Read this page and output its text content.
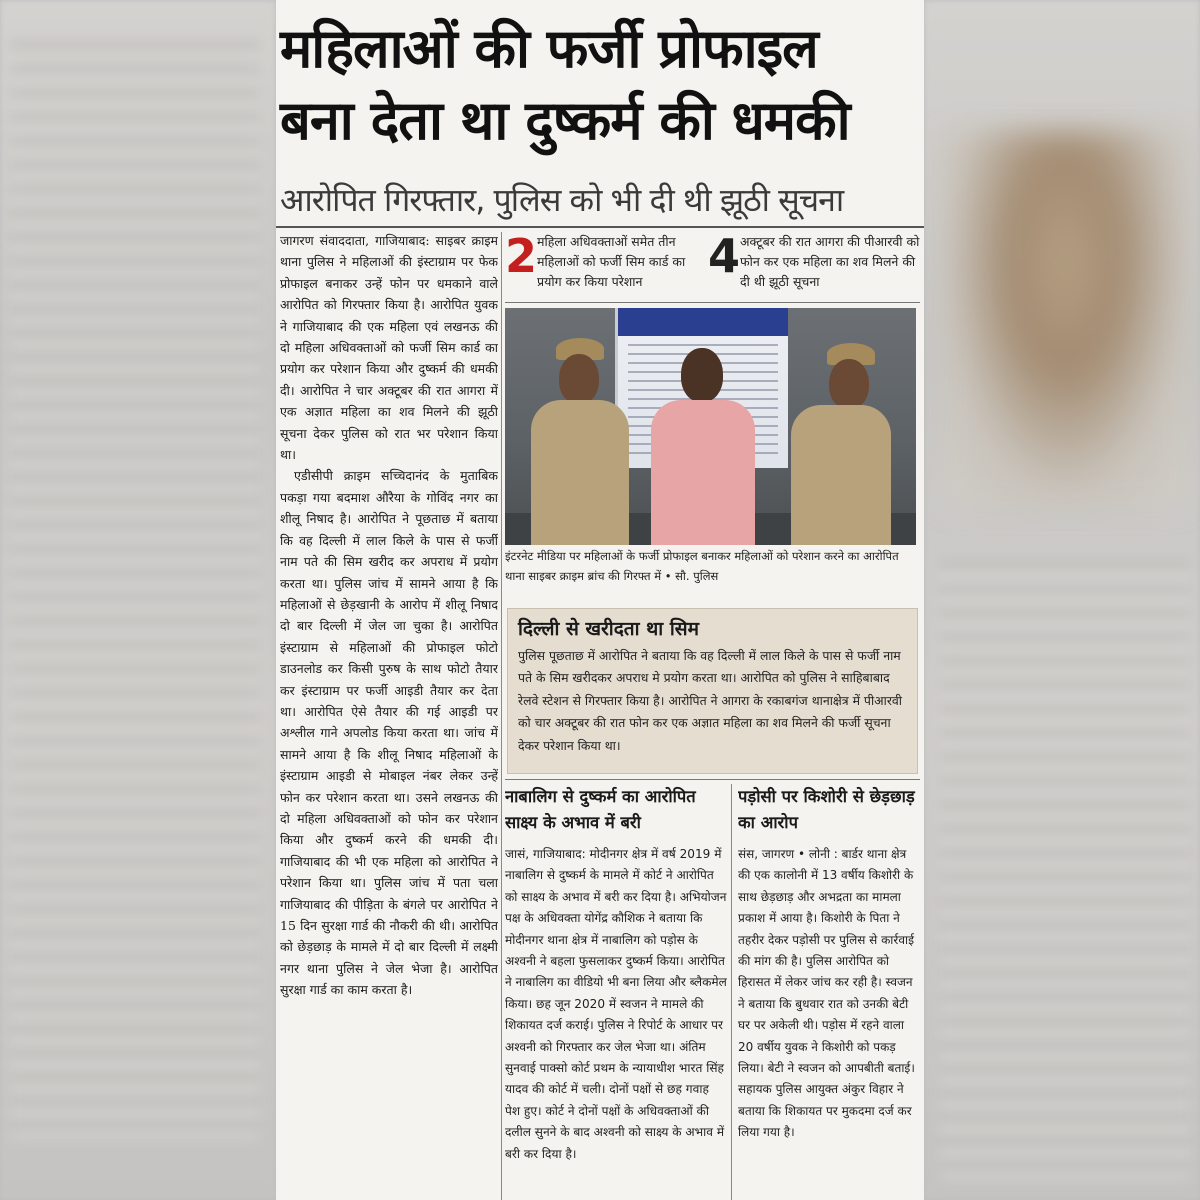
महिलाओं की फर्जी प्रोफाइल
बना देता था दुष्कर्म की धमकी
आरोपित गिरफ्तार, पुलिस को भी दी थी झूठी सूचना

जागरण संवाददाता, गाजियाबाद: साइबर क्राइम थाना पुलिस ने महिलाओं की इंस्टाग्राम पर फेक प्रोफाइल बनाकर उन्हें फोन पर धमकाने वाले आरोपित को गिरफ्तार किया है। आरोपित युवक ने गाजियाबाद की एक महिला एवं लखनऊ की दो महिला अधिवक्ताओं को फर्जी सिम कार्ड का प्रयोग कर परेशान किया और दुष्कर्म की धमकी दी। आरोपित ने चार अक्टूबर की रात आगरा में एक अज्ञात महिला का शव मिलने की झूठी सूचना देकर पुलिस को रात भर परेशान किया था।

एडीसीपी क्राइम सच्चिदानंद के मुताबिक पकड़ा गया बदमाश औरैया के गोविंद नगर का शीलू निषाद है। आरोपित ने पूछताछ में बताया कि वह दिल्ली में लाल किले के पास से फर्जी नाम पते की सिम खरीद कर अपराध में प्रयोग करता था। पुलिस जांच में सामने आया है कि महिलाओं से छेड़खानी के आरोप में शीलू निषाद दो बार दिल्ली में जेल जा चुका है। आरोपित इंस्टाग्राम से महिलाओं की प्रोफाइल फोटो डाउनलोड कर किसी पुरुष के साथ फोटो तैयार कर इंस्टाग्राम पर फर्जी आइडी तैयार कर देता था। आरोपित ऐसे तैयार की गई आइडी पर अश्लील गाने अपलोड किया करता था। जांच में सामने आया है कि शीलू निषाद महिलाओं के इंस्टाग्राम आइडी से मोबाइल नंबर लेकर उन्हें फोन कर परेशान करता था। उसने लखनऊ की दो महिला अधिवक्ताओं को फोन कर परेशान किया और दुष्कर्म करने की धमकी दी। गाजियाबाद की भी एक महिला को आरोपित ने परेशान किया था। पुलिस जांच में पता चला गाजियाबाद की पीड़िता के बंगले पर आरोपित ने 15 दिन सुरक्षा गार्ड की नौकरी की थी। आरोपित को छेड़छाड़ के मामले में दो बार दिल्ली में लक्ष्मी नगर थाना पुलिस ने जेल भेजा है। आरोपित सुरक्षा गार्ड का काम करता है।

2 महिला अधिवक्ताओं समेत तीन महिलाओं को फर्जी सिम कार्ड का प्रयोग कर किया परेशान	4 अक्टूबर की रात आगरा की पीआरवी को फोन कर एक महिला का शव मिलने की दी थी झूठी सूचना
इंटरनेट मीडिया पर महिलाओं के फर्जी प्रोफाइल बनाकर महिलाओं को परेशान करने का आरोपित थाना साइबर क्राइम ब्रांच की गिरफ्त में • सौ. पुलिस
दिल्ली से खरीदता था सिम
पुलिस पूछताछ में आरोपित ने बताया कि वह दिल्ली में लाल किले के पास से फर्जी नाम पते के सिम खरीदकर अपराध मे प्रयोग करता था। आरोपित को पुलिस ने साहिबाबाद रेलवे स्टेशन से गिरफ्तार किया है। आरोपित ने आगरा के रकाबगंज थानाक्षेत्र में पीआरवी को चार अक्टूबर की रात फोन कर एक अज्ञात महिला का शव मिलने की फर्जी सूचना देकर परेशान किया था।
नाबालिग से दुष्कर्म का आरोपित साक्ष्य के अभाव में बरी
जासं, गाजियाबाद: मोदीनगर क्षेत्र में वर्ष 2019 में नाबालिग से दुष्कर्म के मामले में कोर्ट ने आरोपित को साक्ष्य के अभाव में बरी कर दिया है। अभियोजन पक्ष के अधिवक्ता योगेंद्र कौशिक ने बताया कि मोदीनगर थाना क्षेत्र में नाबालिग को पड़ोस के अश्वनी ने बहला फुसलाकर दुष्कर्म किया। आरोपित ने नाबालिग का वीडियो भी बना लिया और ब्लैकमेल किया। छह जून 2020 में स्वजन ने मामले की शिकायत दर्ज कराई। पुलिस ने रिपोर्ट के आधार पर अश्वनी को गिरफ्तार कर जेल भेजा था। अंतिम सुनवाई पाक्सो कोर्ट प्रथम के न्यायाधीश भारत सिंह यादव की कोर्ट में चली। दोनों पक्षों से छह गवाह पेश हुए। कोर्ट ने दोनों पक्षों के अधिवक्ताओं की दलील सुनने के बाद अश्वनी को साक्ष्य के अभाव में बरी कर दिया है।
पड़ोसी पर किशोरी से छेड़छाड़ का आरोप
संस, जागरण • लोनी : बार्डर थाना क्षेत्र की एक कालोनी में 13 वर्षीय किशोरी के साथ छेड़छाड़ और अभद्रता का मामला प्रकाश में आया है। किशोरी के पिता ने तहरीर देकर पड़ोसी पर पुलिस से कार्रवाई की मांग की है। पुलिस आरोपित को हिरासत में लेकर जांच कर रही है। स्वजन ने बताया कि बुधवार रात को उनकी बेटी घर पर अकेली थी। पड़ोस में रहने वाला 20 वर्षीय युवक ने किशोरी को पकड़ लिया। बेटी ने स्वजन को आपबीती बताई। सहायक पुलिस आयुक्त अंकुर विहार ने बताया कि शिकायत पर मुकदमा दर्ज कर लिया गया है।
